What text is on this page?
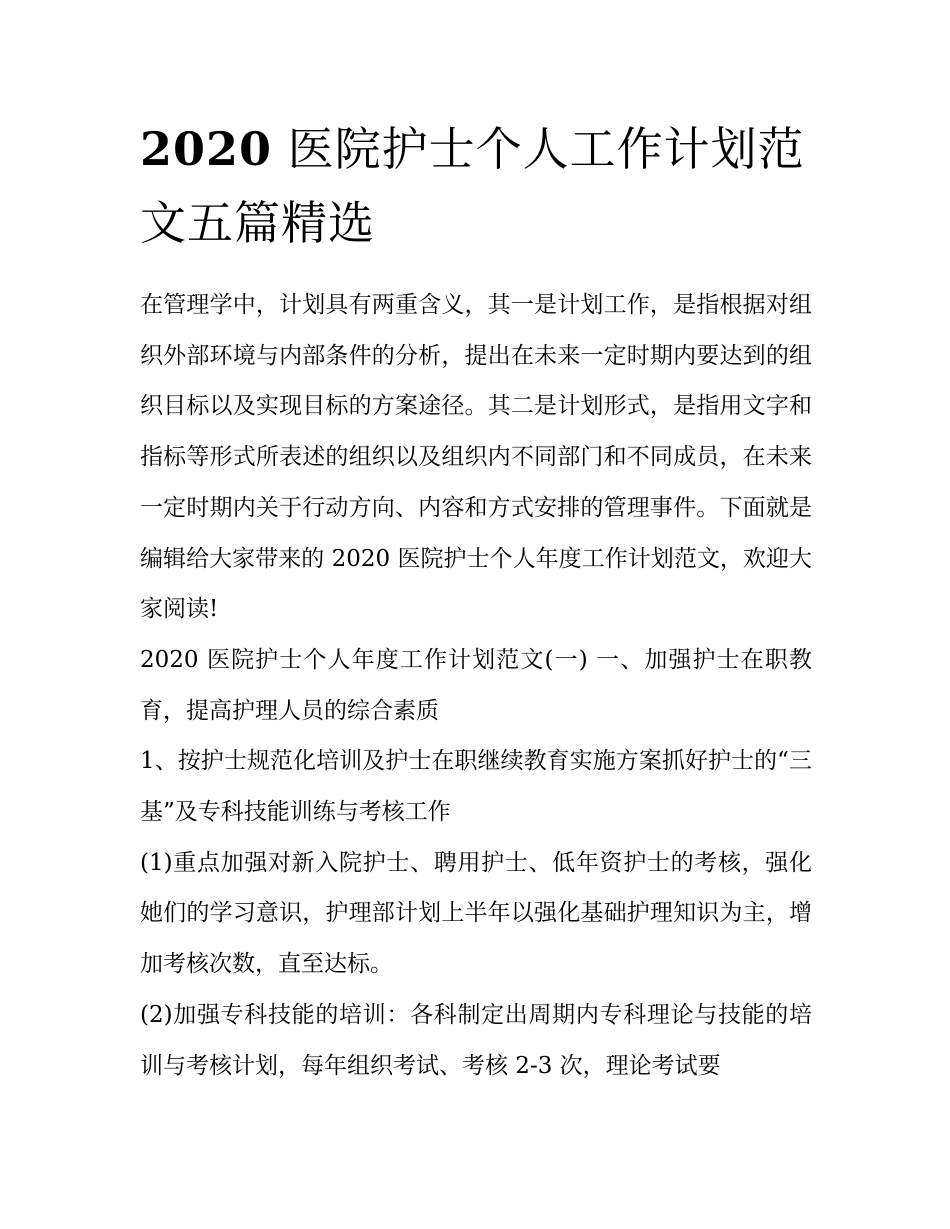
2020 医院护士个人工作计划范文五篇精选

在管理学中，计划具有两重含义，其一是计划工作，是指根据对组织外部环境与内部条件的分析，提出在未来一定时期内要达到的组织目标以及实现目标的方案途径。其二是计划形式，是指用文字和指标等形式所表述的组织以及组织内不同部门和不同成员，在未来一定时期内关于行动方向、内容和方式安排的管理事件。下面就是编辑给大家带来的 2020 医院护士个人年度工作计划范文，欢迎大家阅读!

2020 医院护士个人年度工作计划范文(一) 一、加强护士在职教育，提高护理人员的综合素质

1、按护士规范化培训及护士在职继续教育实施方案抓好护士的“三基”及专科技能训练与考核工作

(1)重点加强对新入院护士、聘用护士、低年资护士的考核，强化她们的学习意识，护理部计划上半年以强化基础护理知识为主，增加考核次数，直至达标。

(2)加强专科技能的培训：各科制定出周期内专科理论与技能的培训与考核计划，每年组织考试、考核 2-3 次，理论考试要
